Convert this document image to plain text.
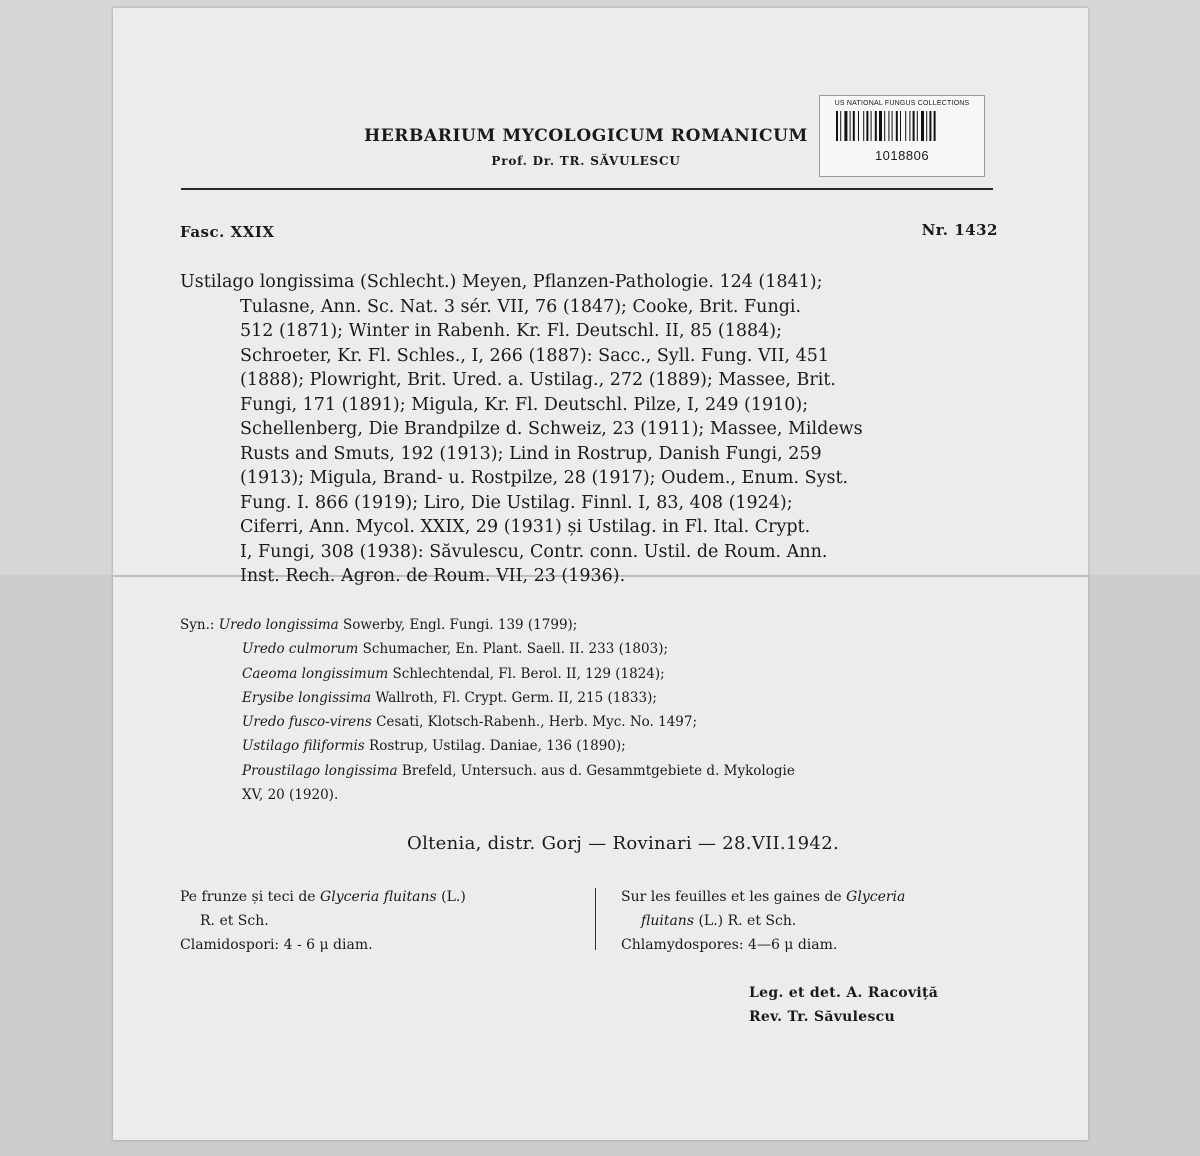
HERBARIUM MYCOLOGICUM ROMANICUM
Prof. Dr. TR. SĂVULESCU
US NATIONAL FUNGUS COLLECTIONS
1018806
Fasc. XXIX	Nr. 1432
Ustilago longissima (Schlecht.) Meyen, Pflanzen-Pathologie. 124 (1841);
Tulasne, Ann. Sc. Nat. 3 sér. VII, 76 (1847); Cooke, Brit. Fungi.
512 (1871); Winter in Rabenh. Kr. Fl. Deutschl. II, 85 (1884);
Schroeter, Kr. Fl. Schles., I, 266 (1887): Sacc., Syll. Fung. VII, 451
(1888); Plowright, Brit. Ured. a. Ustilag., 272 (1889); Massee, Brit.
Fungi, 171 (1891); Migula, Kr. Fl. Deutschl. Pilze, I, 249 (1910);
Schellenberg, Die Brandpilze d. Schweiz, 23 (1911); Massee, Mildews
Rusts and Smuts, 192 (1913); Lind in Rostrup, Danish Fungi, 259
(1913); Migula, Brand- u. Rostpilze, 28 (1917); Oudem., Enum. Syst.
Fung. I. 866 (1919); Liro, Die Ustilag. Finnl. I, 83, 408 (1924);
Ciferri, Ann. Mycol. XXIX, 29 (1931) și Ustilag. in Fl. Ital. Crypt.
I, Fungi, 308 (1938): Săvulescu, Contr. conn. Ustil. de Roum. Ann.
Inst. Rech. Agron. de Roum. VII, 23 (1936).
Syn.: Uredo longissima Sowerby, Engl. Fungi. 139 (1799);
Uredo culmorum Schumacher, En. Plant. Saell. II. 233 (1803);
Caeoma longissimum Schlechtendal, Fl. Berol. II, 129 (1824);
Erysibe longissima Wallroth, Fl. Crypt. Germ. II, 215 (1833);
Uredo fusco-virens Cesati, Klotsch-Rabenh., Herb. Myc. No. 1497;
Ustilago filiformis Rostrup, Ustilag. Daniae, 136 (1890);
Proustilago longissima Brefeld, Untersuch. aus d. Gesammtgebiete d. Mykologie
XV, 20 (1920).
Oltenia, distr. Gorj — Rovinari — 28.VII.1942.
Pe frunze și teci de Glyceria fluitans (L.)
R. et Sch.
Clamidospori: 4 - 6 μ diam.
Sur les feuilles et les gaines de Glyceria
fluitans (L.) R. et Sch.
Chlamydospores: 4—6 μ diam.
Leg. et det. A. Racoviță
Rev. Tr. Săvulescu
